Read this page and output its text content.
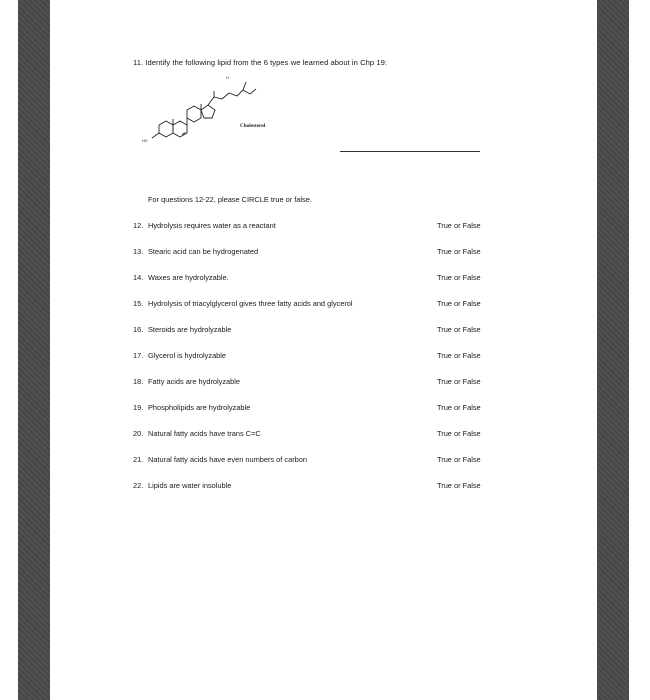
11. Identify the following lipid from the 6 types we learned about in Chp 19:
HO
H
Cholesterol
For questions 12-22, please CIRCLE true or false.
12. Hydrolysis requires water as a reactant	True or False
13. Stearic acid can be hydrogenated	True or False
14. Waxes are hydrolyzable.	True or False
15. Hydrolysis of triacylglycerol gives three fatty acids and glycerol	True or False
16. Steroids are hydrolyzable	True or False
17. Glycerol is hydrolyzable	True or False
18. Fatty acids are hydrolyzable	True or False
19. Phospholipids are hydrolyzable	True or False
20. Natural fatty acids have trans C=C	True or False
21. Natural fatty acids have even numbers of carbon	True or False
22. Lipids are water insoluble	True or False
